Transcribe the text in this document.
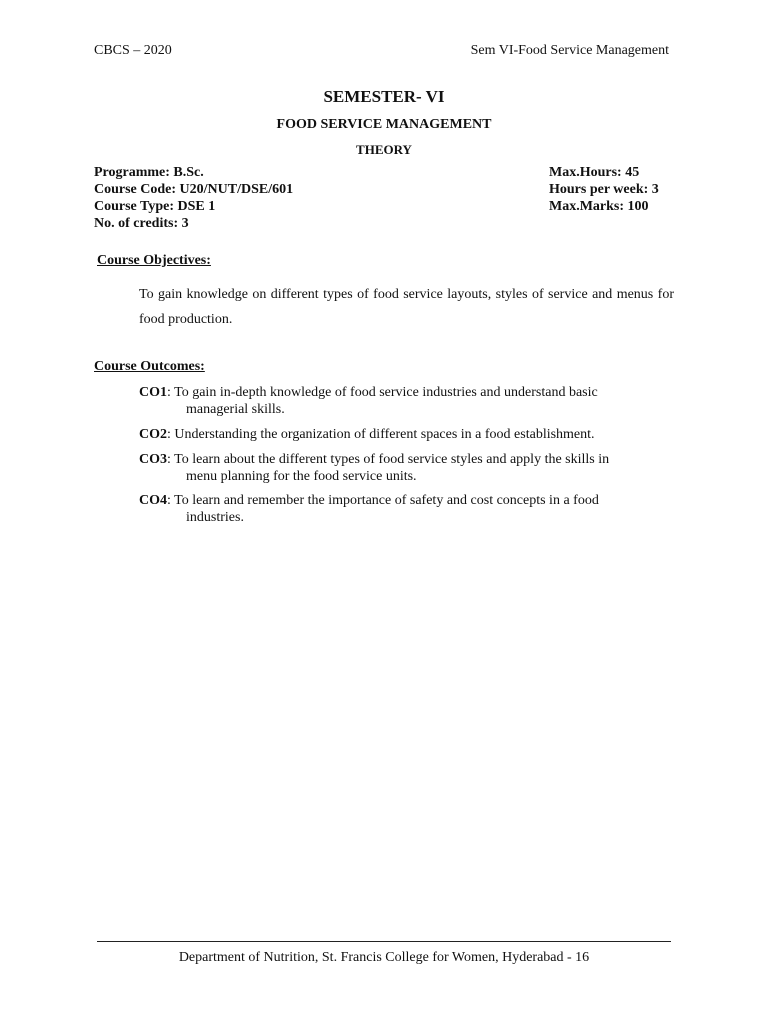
CBCS – 2020	Sem VI-Food Service Management
SEMESTER- VI
FOOD SERVICE MANAGEMENT
THEORY
Programme: B.Sc.
Course Code: U20/NUT/DSE/601
Course Type: DSE 1
No. of credits: 3
Max.Hours: 45
Hours per week: 3
Max.Marks: 100
Course Objectives:
To gain knowledge on different types of food service layouts, styles of service and menus for food production.
Course Outcomes:
CO1: To gain in-depth knowledge of food service industries and understand basic
managerial skills.
CO2: Understanding the organization of different spaces in a food establishment.
CO3: To learn about the different types of food service styles and apply the skills in
menu planning for the food service units.
CO4: To learn and remember the importance of safety and cost concepts in a food
industries.
Department of Nutrition, St. Francis College for Women, Hyderabad - 16
